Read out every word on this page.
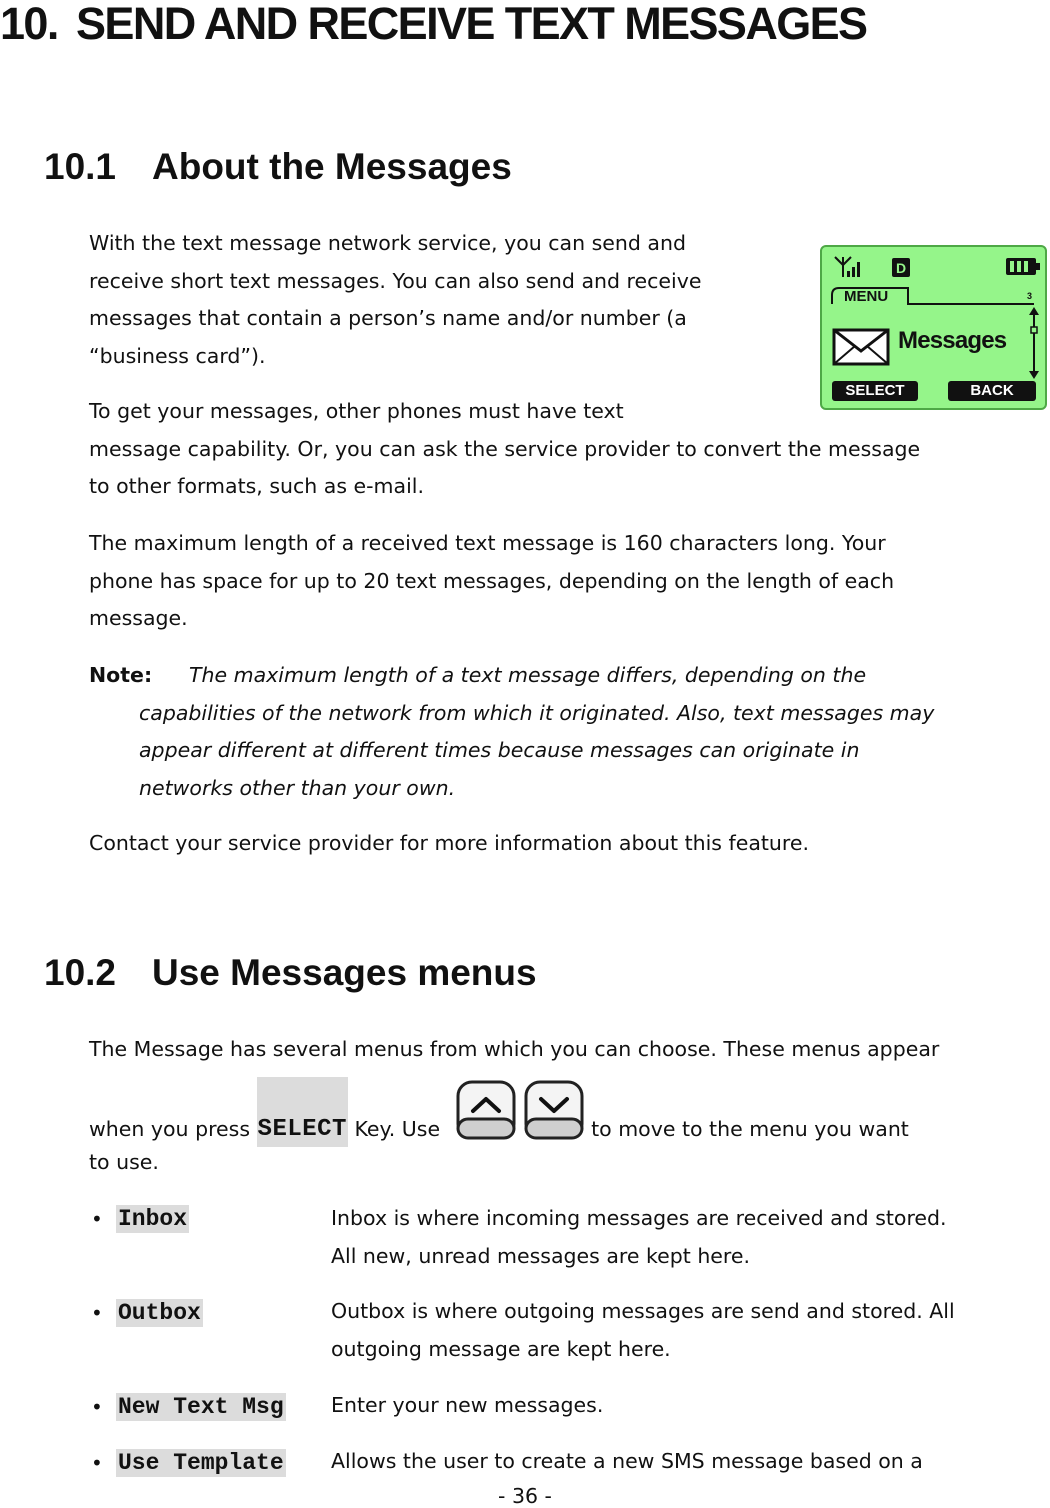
10. SEND AND RECEIVE TEXT MESSAGES
10.1 About the Messages

With the text message network service, you can send and
receive short text messages. You can also send and receive
messages that contain a person’s name and/or number (a
“business card”).

To get your messages, other phones must have text
message capability. Or, you can ask the service provider to convert the message
to other formats, such as e-mail.

The maximum length of a received text message is 160 characters long. Your
phone has space for up to 20 text messages, depending on the length of each
message.

Note: The maximum length of a text message differs, depending on the
capabilities of the network from which it originated. Also, text messages may
appear different at different times because messages can originate in
networks other than your own.

Contact your service provider for more information about this feature.

D
3
MENU
Messages
SELECT	BACK
10.2 Use Messages menus

The Message has several menus from which you can choose. These menus appear

when you press SELECT Key. Use	to move to the menu you want

to use.

• Inbox	Inbox is where incoming messages are received and stored.
All new, unread messages are kept here.

• Outbox	Outbox is where outgoing messages are send and stored. All
outgoing message are kept here.

• New Text Msg Enter your new messages.

• Use Template Allows the user to create a new SMS message based on a

- 36 -
